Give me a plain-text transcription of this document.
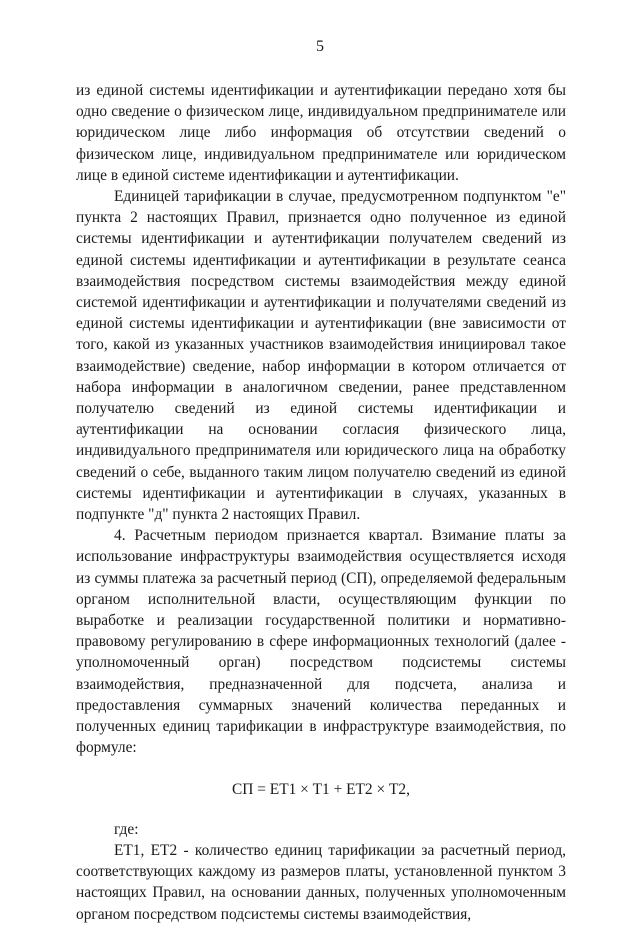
5

из единой системы идентификации и аутентификации передано хотя бы одно сведение о физическом лице, индивидуальном предпринимателе или юридическом лице либо информация об отсутствии сведений о физическом лице, индивидуальном предпринимателе или юридическом лице в единой системе идентификации и аутентификации.

Единицей тарификации в случае, предусмотренном подпунктом "е" пункта 2 настоящих Правил, признается одно полученное из единой системы идентификации и аутентификации получателем сведений из единой системы идентификации и аутентификации в результате сеанса взаимодействия посредством системы взаимодействия между единой системой идентификации и аутентификации и получателями сведений из единой системы идентификации и аутентификации (вне зависимости от того, какой из указанных участников взаимодействия инициировал такое взаимодействие) сведение, набор информации в котором отличается от набора информации в аналогичном сведении, ранее представленном получателю сведений из единой системы идентификации и аутентификации на основании согласия физического лица, индивидуального предпринимателя или юридического лица на обработку сведений о себе, выданного таким лицом получателю сведений из единой системы идентификации и аутентификации в случаях, указанных в подпункте "д" пункта 2 настоящих Правил.

4. Расчетным периодом признается квартал. Взимание платы за использование инфраструктуры взаимодействия осуществляется исходя из суммы платежа за расчетный период (СП), определяемой федеральным органом исполнительной власти, осуществляющим функции по выработке и реализации государственной политики и нормативно-правовому регулированию в сфере информационных технологий (далее - уполномоченный орган) посредством подсистемы системы взаимодействия, предназначенной для подсчета, анализа и предоставления суммарных значений количества переданных и полученных единиц тарификации в инфраструктуре взаимодействия, по формуле:

СП = ЕТ1 × Т1 + ЕТ2 × Т2,

где:

ЕТ1, ЕТ2 - количество единиц тарификации за расчетный период, соответствующих каждому из размеров платы, установленной пунктом 3 настоящих Правил, на основании данных, полученных уполномоченным органом посредством подсистемы системы взаимодействия,
